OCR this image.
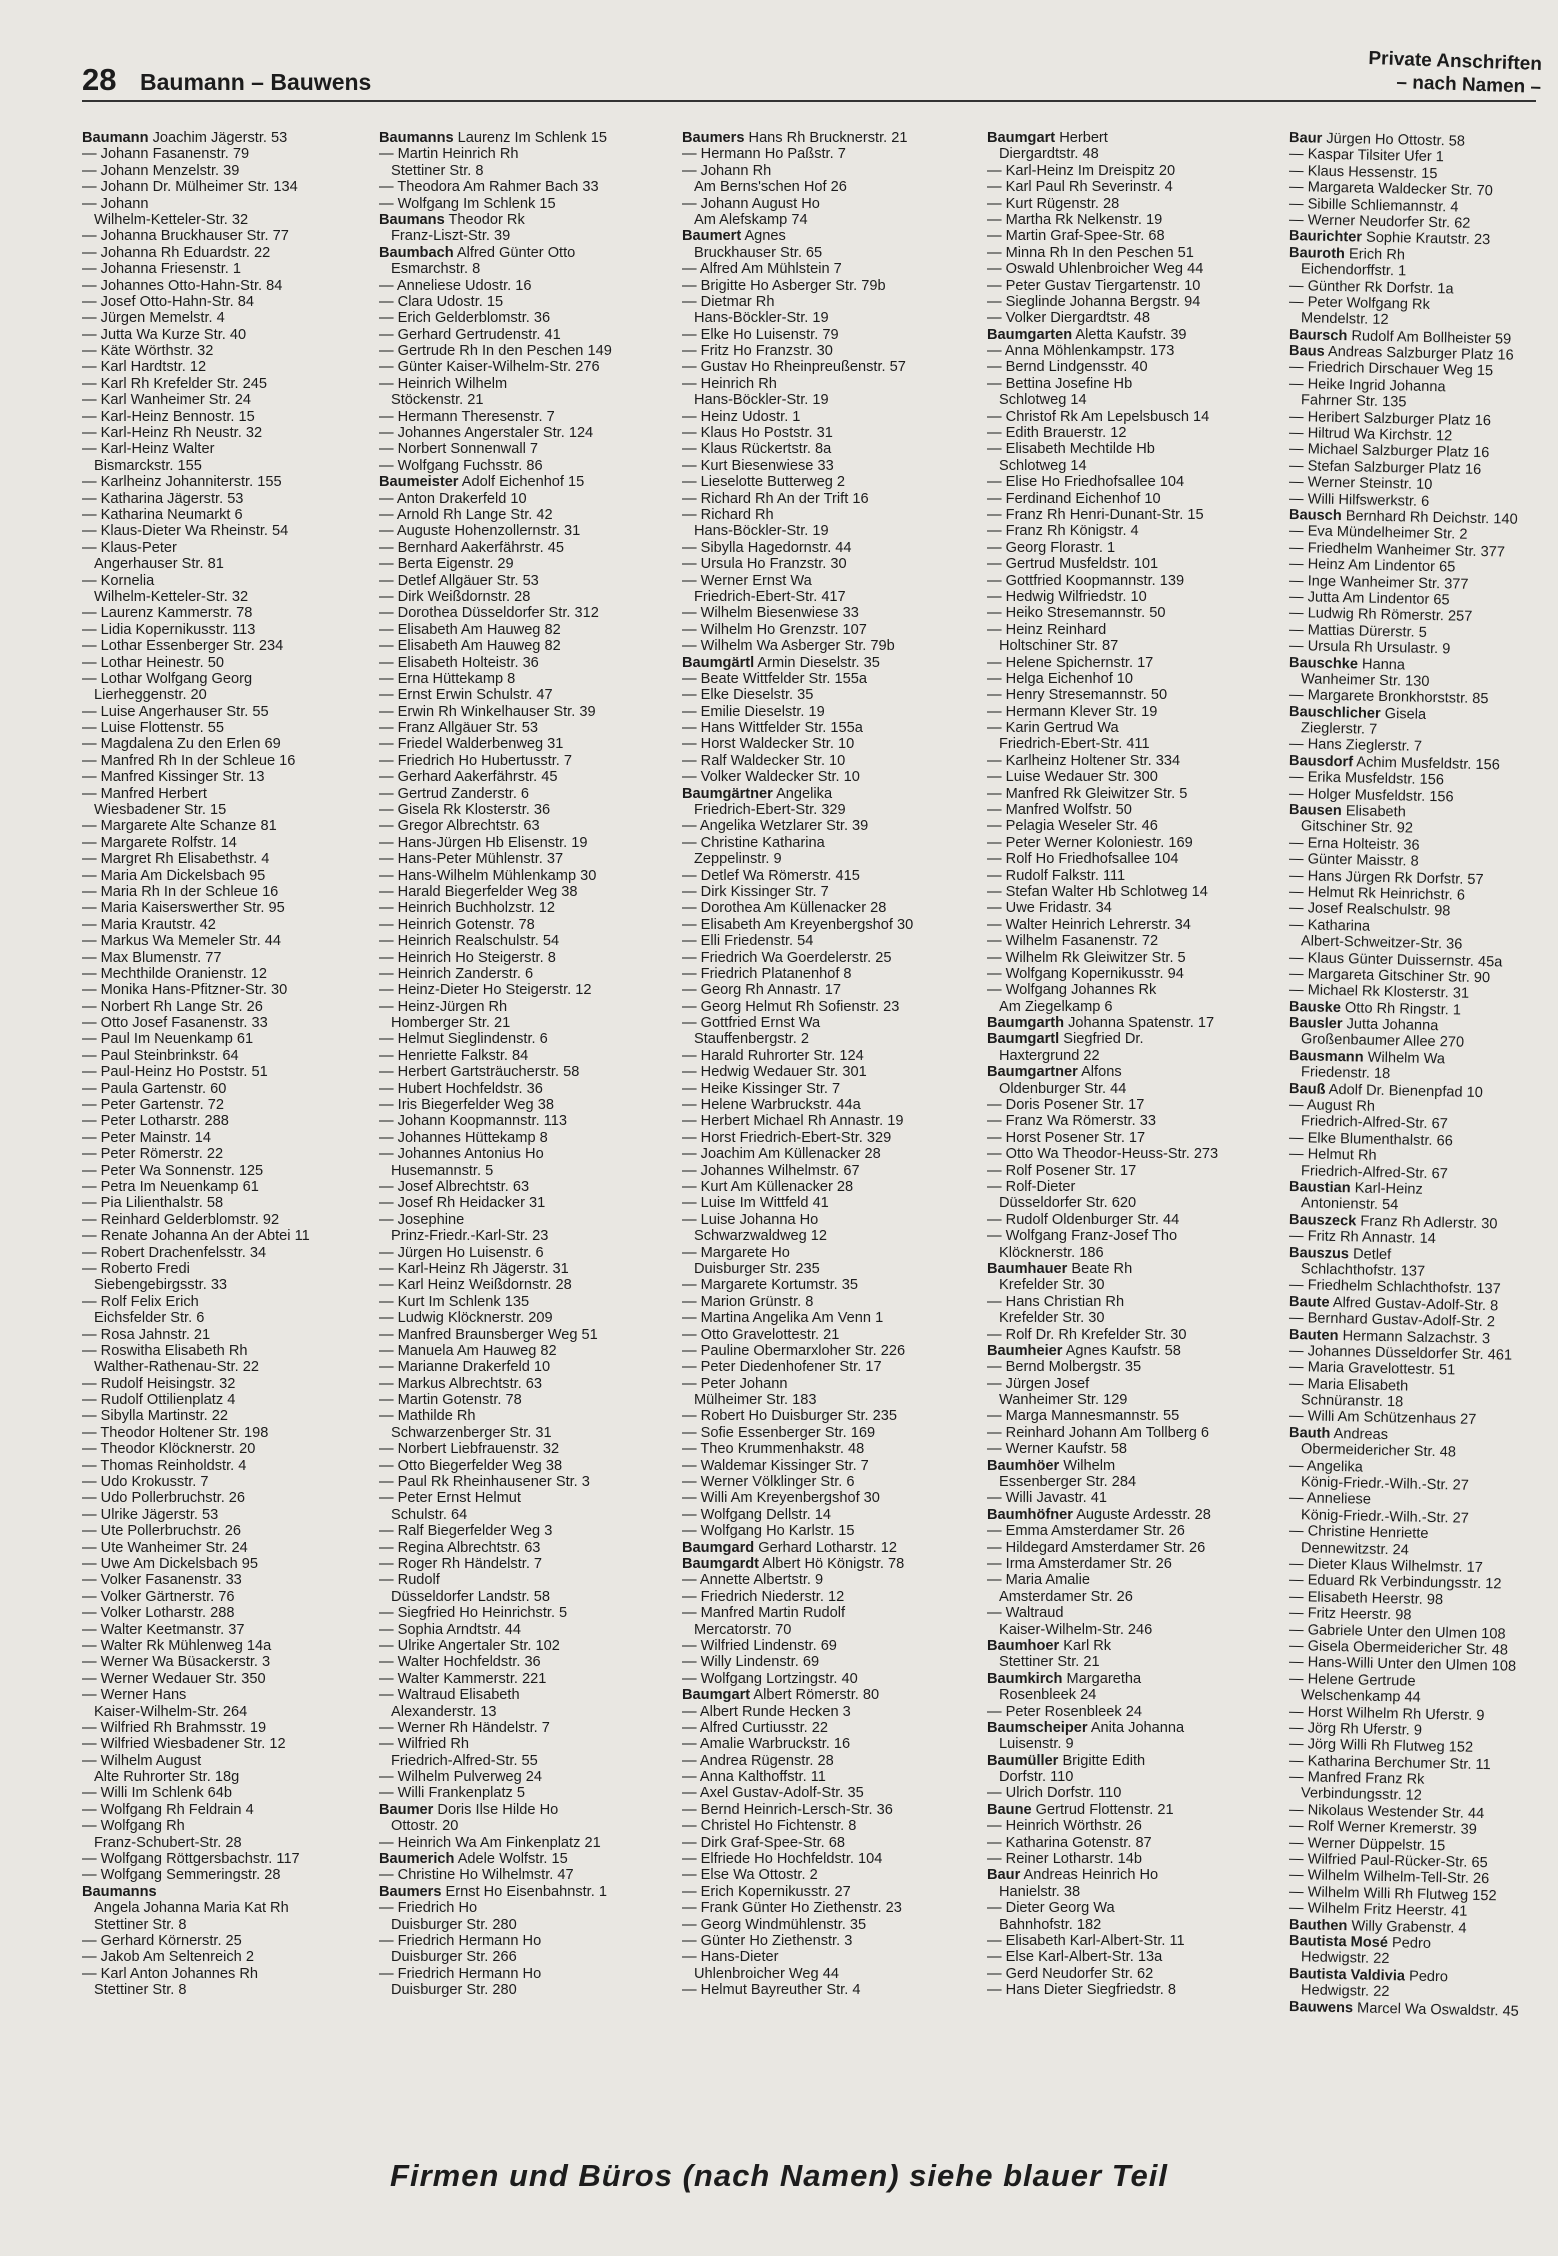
28 Baumann – Bauwens
Private Anschriften
– nach Namen –
Baumann Joachim Jägerstr. 53
— Johann Fasanenstr. 79
— Johann Menzelstr. 39
— Johann Dr. Mülheimer Str. 134
— Johann
Wilhelm-Ketteler-Str. 32
— Johanna Bruckhauser Str. 77
— Johanna Rh Eduardstr. 22
— Johanna Friesenstr. 1
— Johannes Otto-Hahn-Str. 84
— Josef Otto-Hahn-Str. 84
— Jürgen Memelstr. 4
— Jutta Wa Kurze Str. 40
— Käte Wörthstr. 32
— Karl Hardtstr. 12
— Karl Rh Krefelder Str. 245
— Karl Wanheimer Str. 24
— Karl-Heinz Bennostr. 15
— Karl-Heinz Rh Neustr. 32
— Karl-Heinz Walter
Bismarckstr. 155
— Karlheinz Johanniterstr. 155
— Katharina Jägerstr. 53
— Katharina Neumarkt 6
— Klaus-Dieter Wa Rheinstr. 54
— Klaus-Peter
Angerhauser Str. 81
— Kornelia
Wilhelm-Ketteler-Str. 32
— Laurenz Kammerstr. 78
— Lidia Kopernikusstr. 113
— Lothar Essenberger Str. 234
— Lothar Heinestr. 50
— Lothar Wolfgang Georg
Lierheggenstr. 20
— Luise Angerhauser Str. 55
— Luise Flottenstr. 55
— Magdalena Zu den Erlen 69
— Manfred Rh In der Schleue 16
— Manfred Kissinger Str. 13
— Manfred Herbert
Wiesbadener Str. 15
— Margarete Alte Schanze 81
— Margarete Rolfstr. 14
— Margret Rh Elisabethstr. 4
— Maria Am Dickelsbach 95
— Maria Rh In der Schleue 16
— Maria Kaiserswerther Str. 95
— Maria Krautstr. 42
— Markus Wa Memeler Str. 44
— Max Blumenstr. 77
— Mechthilde Oranienstr. 12
— Monika Hans-Pfitzner-Str. 30
— Norbert Rh Lange Str. 26
— Otto Josef Fasanenstr. 33
— Paul Im Neuenkamp 61
— Paul Steinbrinkstr. 64
— Paul-Heinz Ho Poststr. 51
— Paula Gartenstr. 60
— Peter Gartenstr. 72
— Peter Lotharstr. 288
— Peter Mainstr. 14
— Peter Römerstr. 22
— Peter Wa Sonnenstr. 125
— Petra Im Neuenkamp 61
— Pia Lilienthalstr. 58
— Reinhard Gelderblomstr. 92
— Renate Johanna An der Abtei 11
— Robert Drachenfelsstr. 34
— Roberto Fredi
Siebengebirgsstr. 33
— Rolf Felix Erich
Eichsfelder Str. 6
— Rosa Jahnstr. 21
— Roswitha Elisabeth Rh
Walther-Rathenau-Str. 22
— Rudolf Heisingstr. 32
— Rudolf Ottilienplatz 4
— Sibylla Martinstr. 22
— Theodor Holtener Str. 198
— Theodor Klöcknerstr. 20
— Thomas Reinholdstr. 4
— Udo Krokusstr. 7
— Udo Pollerbruchstr. 26
— Ulrike Jägerstr. 53
— Ute Pollerbruchstr. 26
— Ute Wanheimer Str. 24
— Uwe Am Dickelsbach 95
— Volker Fasanenstr. 33
— Volker Gärtnerstr. 76
— Volker Lotharstr. 288
— Walter Keetmanstr. 37
— Walter Rk Mühlenweg 14a
— Werner Wa Büsackerstr. 3
— Werner Wedauer Str. 350
— Werner Hans
Kaiser-Wilhelm-Str. 264
— Wilfried Rh Brahmsstr. 19
— Wilfried Wiesbadener Str. 12
— Wilhelm August
Alte Ruhrorter Str. 18g
— Willi Im Schlenk 64b
— Wolfgang Rh Feldrain 4
— Wolfgang Rh
Franz-Schubert-Str. 28
— Wolfgang Röttgersbachstr. 117
— Wolfgang Semmeringstr. 28
Baumanns
Angela Johanna Maria Kat Rh
Stettiner Str. 8
— Gerhard Körnerstr. 25
— Jakob Am Seltenreich 2
— Karl Anton Johannes Rh
Stettiner Str. 8
Baumanns Laurenz Im Schlenk 15
— Martin Heinrich Rh
Stettiner Str. 8
— Theodora Am Rahmer Bach 33
— Wolfgang Im Schlenk 15
Baumans Theodor Rk
Franz-Liszt-Str. 39
Baumbach Alfred Günter Otto
Esmarchstr. 8
— Anneliese Udostr. 16
— Clara Udostr. 15
— Erich Gelderblomstr. 36
— Gerhard Gertrudenstr. 41
— Gertrude Rh In den Peschen 149
— Günter Kaiser-Wilhelm-Str. 276
— Heinrich Wilhelm
Stöckenstr. 21
— Hermann Theresenstr. 7
— Johannes Angerstaler Str. 124
— Norbert Sonnenwall 7
— Wolfgang Fuchsstr. 86
Baumeister Adolf Eichenhof 15
— Anton Drakerfeld 10
— Arnold Rh Lange Str. 42
— Auguste Hohenzollernstr. 31
— Bernhard Aakerfährstr. 45
— Berta Eigenstr. 29
— Detlef Allgäuer Str. 53
— Dirk Weißdornstr. 28
— Dorothea Düsseldorfer Str. 312
— Elisabeth Am Hauweg 82
— Elisabeth Am Hauweg 82
— Elisabeth Holteistr. 36
— Erna Hüttekamp 8
— Ernst Erwin Schulstr. 47
— Erwin Rh Winkelhauser Str. 39
— Franz Allgäuer Str. 53
— Friedel Walderbenweg 31
— Friedrich Ho Hubertusstr. 7
— Gerhard Aakerfährstr. 45
— Gertrud Zanderstr. 6
— Gisela Rk Klosterstr. 36
— Gregor Albrechtstr. 63
— Hans-Jürgen Hb Elisenstr. 19
— Hans-Peter Mühlenstr. 37
— Hans-Wilhelm Mühlenkamp 30
— Harald Biegerfelder Weg 38
— Heinrich Buchholzstr. 12
— Heinrich Gotenstr. 78
— Heinrich Realschulstr. 54
— Heinrich Ho Steigerstr. 8
— Heinrich Zanderstr. 6
— Heinz-Dieter Ho Steigerstr. 12
— Heinz-Jürgen Rh
Homberger Str. 21
— Helmut Sieglindenstr. 6
— Henriette Falkstr. 84
— Herbert Gartsträucherstr. 58
— Hubert Hochfeldstr. 36
— Iris Biegerfelder Weg 38
— Johann Koopmannstr. 113
— Johannes Hüttekamp 8
— Johannes Antonius Ho
Husemannstr. 5
— Josef Albrechtstr. 63
— Josef Rh Heidacker 31
— Josephine
Prinz-Friedr.-Karl-Str. 23
— Jürgen Ho Luisenstr. 6
— Karl-Heinz Rh Jägerstr. 31
— Karl Heinz Weißdornstr. 28
— Kurt Im Schlenk 135
— Ludwig Klöcknerstr. 209
— Manfred Braunsberger Weg 51
— Manuela Am Hauweg 82
— Marianne Drakerfeld 10
— Markus Albrechtstr. 63
— Martin Gotenstr. 78
— Mathilde Rh
Schwarzenberger Str. 31
— Norbert Liebfrauenstr. 32
— Otto Biegerfelder Weg 38
— Paul Rk Rheinhausener Str. 3
— Peter Ernst Helmut
Schulstr. 64
— Ralf Biegerfelder Weg 3
— Regina Albrechtstr. 63
— Roger Rh Händelstr. 7
— Rudolf
Düsseldorfer Landstr. 58
— Siegfried Ho Heinrichstr. 5
— Sophia Arndtstr. 44
— Ulrike Angertaler Str. 102
— Walter Hochfeldstr. 36
— Walter Kammerstr. 221
— Waltraud Elisabeth
Alexanderstr. 13
— Werner Rh Händelstr. 7
— Wilfried Rh
Friedrich-Alfred-Str. 55
— Wilhelm Pulverweg 24
— Willi Frankenplatz 5
Baumer Doris Ilse Hilde Ho
Ottostr. 20
— Heinrich Wa Am Finkenplatz 21
Baumerich Adele Wolfstr. 15
— Christine Ho Wilhelmstr. 47
Baumers Ernst Ho Eisenbahnstr. 1
— Friedrich Ho
Duisburger Str. 280
— Friedrich Hermann Ho
Duisburger Str. 266
— Friedrich Hermann Ho
Duisburger Str. 280
Baumers Hans Rh Brucknerstr. 21
— Hermann Ho Paßstr. 7
— Johann Rh
Am Berns'schen Hof 26
— Johann August Ho
Am Alefskamp 74
Baumert Agnes
Bruckhauser Str. 65
— Alfred Am Mühlstein 7
— Brigitte Ho Asberger Str. 79b
— Dietmar Rh
Hans-Böckler-Str. 19
— Elke Ho Luisenstr. 79
— Fritz Ho Franzstr. 30
— Gustav Ho Rheinpreußenstr. 57
— Heinrich Rh
Hans-Böckler-Str. 19
— Heinz Udostr. 1
— Klaus Ho Poststr. 31
— Klaus Rückertstr. 8a
— Kurt Biesenwiese 33
— Lieselotte Butterweg 2
— Richard Rh An der Trift 16
— Richard Rh
Hans-Böckler-Str. 19
— Sibylla Hagedornstr. 44
— Ursula Ho Franzstr. 30
— Werner Ernst Wa
Friedrich-Ebert-Str. 417
— Wilhelm Biesenwiese 33
— Wilhelm Ho Grenzstr. 107
— Wilhelm Wa Asberger Str. 79b
Baumgärtl Armin Dieselstr. 35
— Beate Wittfelder Str. 155a
— Elke Dieselstr. 35
— Emilie Dieselstr. 19
— Hans Wittfelder Str. 155a
— Horst Waldecker Str. 10
— Ralf Waldecker Str. 10
— Volker Waldecker Str. 10
Baumgärtner Angelika
Friedrich-Ebert-Str. 329
— Angelika Wetzlarer Str. 39
— Christine Katharina
Zeppelinstr. 9
— Detlef Wa Römerstr. 415
— Dirk Kissinger Str. 7
— Dorothea Am Küllenacker 28
— Elisabeth Am Kreyenbergshof 30
— Elli Friedenstr. 54
— Friedrich Wa Goerdelerstr. 25
— Friedrich Platanenhof 8
— Georg Rh Annastr. 17
— Georg Helmut Rh Sofienstr. 23
— Gottfried Ernst Wa
Stauffenbergstr. 2
— Harald Ruhrorter Str. 124
— Hedwig Wedauer Str. 301
— Heike Kissinger Str. 7
— Helene Warbruckstr. 44a
— Herbert Michael Rh Annastr. 19
— Horst Friedrich-Ebert-Str. 329
— Joachim Am Küllenacker 28
— Johannes Wilhelmstr. 67
— Kurt Am Küllenacker 28
— Luise Im Wittfeld 41
— Luise Johanna Ho
Schwarzwaldweg 12
— Margarete Ho
Duisburger Str. 235
— Margarete Kortumstr. 35
— Marion Grünstr. 8
— Martina Angelika Am Venn 1
— Otto Gravelottestr. 21
— Pauline Obermarxloher Str. 226
— Peter Diedenhofener Str. 17
— Peter Johann
Mülheimer Str. 183
— Robert Ho Duisburger Str. 235
— Sofie Essenberger Str. 169
— Theo Krummenhakstr. 48
— Waldemar Kissinger Str. 7
— Werner Völklinger Str. 6
— Willi Am Kreyenbergshof 30
— Wolfgang Dellstr. 14
— Wolfgang Ho Karlstr. 15
Baumgard Gerhard Lotharstr. 12
Baumgardt Albert Hö Königstr. 78
— Annette Albertstr. 9
— Friedrich Niederstr. 12
— Manfred Martin Rudolf
Mercatorstr. 70
— Wilfried Lindenstr. 69
— Willy Lindenstr. 69
— Wolfgang Lortzingstr. 40
Baumgart Albert Römerstr. 80
— Albert Runde Hecken 3
— Alfred Curtiusstr. 22
— Amalie Warbruckstr. 16
— Andrea Rügenstr. 28
— Anna Kalthoffstr. 11
— Axel Gustav-Adolf-Str. 35
— Bernd Heinrich-Lersch-Str. 36
— Christel Ho Fichtenstr. 8
— Dirk Graf-Spee-Str. 68
— Elfriede Ho Hochfeldstr. 104
— Else Wa Ottostr. 2
— Erich Kopernikusstr. 27
— Frank Günter Ho Ziethenstr. 23
— Georg Windmühlenstr. 35
— Günter Ho Ziethenstr. 3
— Hans-Dieter
Uhlenbroicher Weg 44
— Helmut Bayreuther Str. 4
Baumgart Herbert
Diergardtstr. 48
— Karl-Heinz Im Dreispitz 20
— Karl Paul Rh Severinstr. 4
— Kurt Rügenstr. 28
— Martha Rk Nelkenstr. 19
— Martin Graf-Spee-Str. 68
— Minna Rh In den Peschen 51
— Oswald Uhlenbroicher Weg 44
— Peter Gustav Tiergartenstr. 10
— Sieglinde Johanna Bergstr. 94
— Volker Diergardtstr. 48
Baumgarten Aletta Kaufstr. 39
— Anna Möhlenkampstr. 173
— Bernd Lindgensstr. 40
— Bettina Josefine Hb
Schlotweg 14
— Christof Rk Am Lepelsbusch 14
— Edith Brauerstr. 12
— Elisabeth Mechtilde Hb
Schlotweg 14
— Elise Ho Friedhofsallee 104
— Ferdinand Eichenhof 10
— Franz Rh Henri-Dunant-Str. 15
— Franz Rh Königstr. 4
— Georg Florastr. 1
— Gertrud Musfeldstr. 101
— Gottfried Koopmannstr. 139
— Hedwig Wilfriedstr. 10
— Heiko Stresemannstr. 50
— Heinz Reinhard
Holtschiner Str. 87
— Helene Spichernstr. 17
— Helga Eichenhof 10
— Henry Stresemannstr. 50
— Hermann Klever Str. 19
— Karin Gertrud Wa
Friedrich-Ebert-Str. 411
— Karlheinz Holtener Str. 334
— Luise Wedauer Str. 300
— Manfred Rk Gleiwitzer Str. 5
— Manfred Wolfstr. 50
— Pelagia Weseler Str. 46
— Peter Werner Koloniestr. 169
— Rolf Ho Friedhofsallee 104
— Rudolf Falkstr. 111
— Stefan Walter Hb Schlotweg 14
— Uwe Fridastr. 34
— Walter Heinrich Lehrerstr. 34
— Wilhelm Fasanenstr. 72
— Wilhelm Rk Gleiwitzer Str. 5
— Wolfgang Kopernikusstr. 94
— Wolfgang Johannes Rk
Am Ziegelkamp 6
Baumgarth Johanna Spatenstr. 17
Baumgartl Siegfried Dr.
Haxtergrund 22
Baumgartner Alfons
Oldenburger Str. 44
— Doris Posener Str. 17
— Franz Wa Römerstr. 33
— Horst Posener Str. 17
— Otto Wa Theodor-Heuss-Str. 273
— Rolf Posener Str. 17
— Rolf-Dieter
Düsseldorfer Str. 620
— Rudolf Oldenburger Str. 44
— Wolfgang Franz-Josef Tho
Klöcknerstr. 186
Baumhauer Beate Rh
Krefelder Str. 30
— Hans Christian Rh
Krefelder Str. 30
— Rolf Dr. Rh Krefelder Str. 30
Baumheier Agnes Kaufstr. 58
— Bernd Molbergstr. 35
— Jürgen Josef
Wanheimer Str. 129
— Marga Mannesmannstr. 55
— Reinhard Johann Am Tollberg 6
— Werner Kaufstr. 58
Baumhöer Wilhelm
Essenberger Str. 284
— Willi Javastr. 41
Baumhöfner Auguste Ardesstr. 28
— Emma Amsterdamer Str. 26
— Hildegard Amsterdamer Str. 26
— Irma Amsterdamer Str. 26
— Maria Amalie
Amsterdamer Str. 26
— Waltraud
Kaiser-Wilhelm-Str. 246
Baumhoer Karl Rk
Stettiner Str. 21
Baumkirch Margaretha
Rosenbleek 24
— Peter Rosenbleek 24
Baumscheiper Anita Johanna
Luisenstr. 9
Baumüller Brigitte Edith
Dorfstr. 110
— Ulrich Dorfstr. 110
Baune Gertrud Flottenstr. 21
— Heinrich Wörthstr. 26
— Katharina Gotenstr. 87
— Reiner Lotharstr. 14b
Baur Andreas Heinrich Ho
Hanielstr. 38
— Dieter Georg Wa
Bahnhofstr. 182
— Elisabeth Karl-Albert-Str. 11
— Else Karl-Albert-Str. 13a
— Gerd Neudorfer Str. 62
— Hans Dieter Siegfriedstr. 8
Baur Jürgen Ho Ottostr. 58
— Kaspar Tilsiter Ufer 1
— Klaus Hessenstr. 15
— Margareta Waldecker Str. 70
— Sibille Schliemannstr. 4
— Werner Neudorfer Str. 62
Baurichter Sophie Krautstr. 23
Bauroth Erich Rh
Eichendorffstr. 1
— Günther Rk Dorfstr. 1a
— Peter Wolfgang Rk
Mendelstr. 12
Baursch Rudolf Am Bollheister 59
Baus Andreas Salzburger Platz 16
— Friedrich Dirschauer Weg 15
— Heike Ingrid Johanna
Fahrner Str. 135
— Heribert Salzburger Platz 16
— Hiltrud Wa Kirchstr. 12
— Michael Salzburger Platz 16
— Stefan Salzburger Platz 16
— Werner Steinstr. 10
— Willi Hilfswerkstr. 6
Bausch Bernhard Rh Deichstr. 140
— Eva Mündelheimer Str. 2
— Friedhelm Wanheimer Str. 377
— Heinz Am Lindentor 65
— Inge Wanheimer Str. 377
— Jutta Am Lindentor 65
— Ludwig Rh Römerstr. 257
— Mattias Dürerstr. 5
— Ursula Rh Ursulastr. 9
Bauschke Hanna
Wanheimer Str. 130
— Margarete Bronkhorststr. 85
Bauschlicher Gisela
Zieglerstr. 7
— Hans Zieglerstr. 7
Bausdorf Achim Musfeldstr. 156
— Erika Musfeldstr. 156
— Holger Musfeldstr. 156
Bausen Elisabeth
Gitschiner Str. 92
— Erna Holteistr. 36
— Günter Maisstr. 8
— Hans Jürgen Rk Dorfstr. 57
— Helmut Rk Heinrichstr. 6
— Josef Realschulstr. 98
— Katharina
Albert-Schweitzer-Str. 36
— Klaus Günter Duissernstr. 45a
— Margareta Gitschiner Str. 90
— Michael Rk Klosterstr. 31
Bauske Otto Rh Ringstr. 1
Bausler Jutta Johanna
Großenbaumer Allee 270
Bausmann Wilhelm Wa
Friedenstr. 18
Bauß Adolf Dr. Bienenpfad 10
— August Rh
Friedrich-Alfred-Str. 67
— Elke Blumenthalstr. 66
— Helmut Rh
Friedrich-Alfred-Str. 67
Baustian Karl-Heinz
Antonienstr. 54
Bauszeck Franz Rh Adlerstr. 30
— Fritz Rh Annastr. 14
Bauszus Detlef
Schlachthofstr. 137
— Friedhelm Schlachthofstr. 137
Baute Alfred Gustav-Adolf-Str. 8
— Bernhard Gustav-Adolf-Str. 2
Bauten Hermann Salzachstr. 3
— Johannes Düsseldorfer Str. 461
— Maria Gravelottestr. 51
— Maria Elisabeth
Schnüranstr. 18
— Willi Am Schützenhaus 27
Bauth Andreas
Obermeidericher Str. 48
— Angelika
König-Friedr.-Wilh.-Str. 27
— Anneliese
König-Friedr.-Wilh.-Str. 27
— Christine Henriette
Dennewitzstr. 24
— Dieter Klaus Wilhelmstr. 17
— Eduard Rk Verbindungsstr. 12
— Elisabeth Heerstr. 98
— Fritz Heerstr. 98
— Gabriele Unter den Ulmen 108
— Gisela Obermeidericher Str. 48
— Hans-Willi Unter den Ulmen 108
— Helene Gertrude
Welschenkamp 44
— Horst Wilhelm Rh Uferstr. 9
— Jörg Rh Uferstr. 9
— Jörg Willi Rh Flutweg 152
— Katharina Berchumer Str. 11
— Manfred Franz Rk
Verbindungsstr. 12
— Nikolaus Westender Str. 44
— Rolf Werner Kremerstr. 39
— Werner Düppelstr. 15
— Wilfried Paul-Rücker-Str. 65
— Wilhelm Wilhelm-Tell-Str. 26
— Wilhelm Willi Rh Flutweg 152
— Wilhelm Fritz Heerstr. 41
Bauthen Willy Grabenstr. 4
Bautista Mosé Pedro
Hedwigstr. 22
Bautista Valdivia Pedro
Hedwigstr. 22
Bauwens Marcel Wa Oswaldstr. 45
Firmen und Büros (nach Namen) siehe blauer Teil
